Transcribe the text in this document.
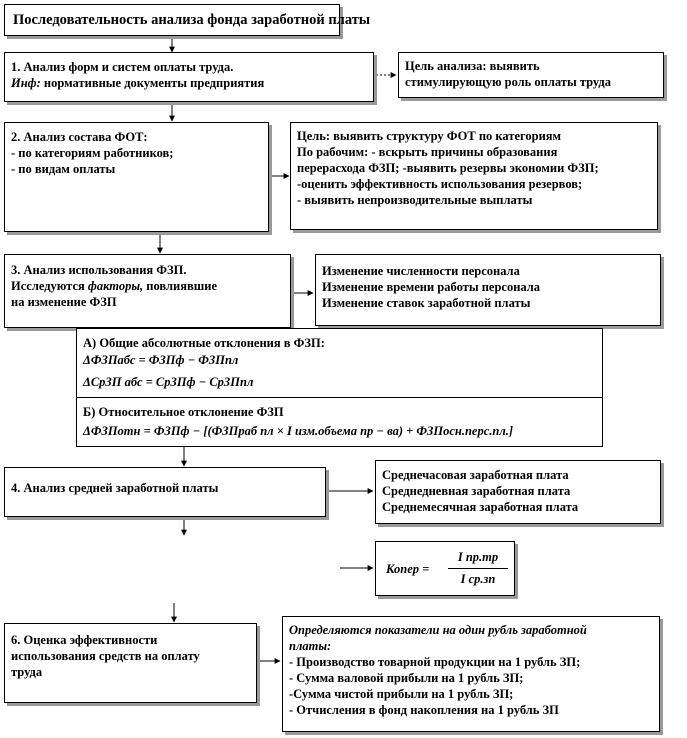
Последовательность анализа фонда заработной платы
1. Анализ форм и систем оплаты труда.
Инф: нормативные документы предприятия
Цель анализа: выявить
стимулирующую роль оплаты труда
2. Анализ состава ФОТ:
- по категориям работников;
- по видам оплаты
Цель: выявить структуру ФОТ по категориям
По рабочим: - вскрыть причины образования
перерасхода ФЗП; -выявить резервы экономии ФЗП;
-оценить эффективность использования резервов;
- выявить непроизводительные выплаты
3. Анализ использования ФЗП.
Исследуются факторы, повлиявшие
на изменение ФЗП
Изменение численности персонала
Изменение времени работы персонала
Изменение ставок заработной платы
А) Общие абсолютные отклонения в ФЗП:
ΔФЗПабс = ФЗПф − ФЗПпл
ΔСрЗП абс = СрЗПф − СрЗПпл
Б) Относительное отклонение ФЗП
ΔФЗПотн = ФЗПф − [(ФЗПраб пл × I изм.объема пр − ва) + ФЗПосн.перс.пл.]
4. Анализ средней заработной платы
Среднечасовая заработная плата
Среднедневная заработная плата
Среднемесячная заработная плата
Копер =
I пр.тр
I ср.зп
6. Оценка эффективности
использования средств на оплату
труда
Определяются показатели на один рубль заработной
платы:
- Производство товарной продукции на 1 рубль ЗП;
- Сумма валовой прибыли на 1 рубль ЗП;
-Сумма чистой прибыли на 1 рубль ЗП;
- Отчисления в фонд накопления на 1 рубль ЗП
